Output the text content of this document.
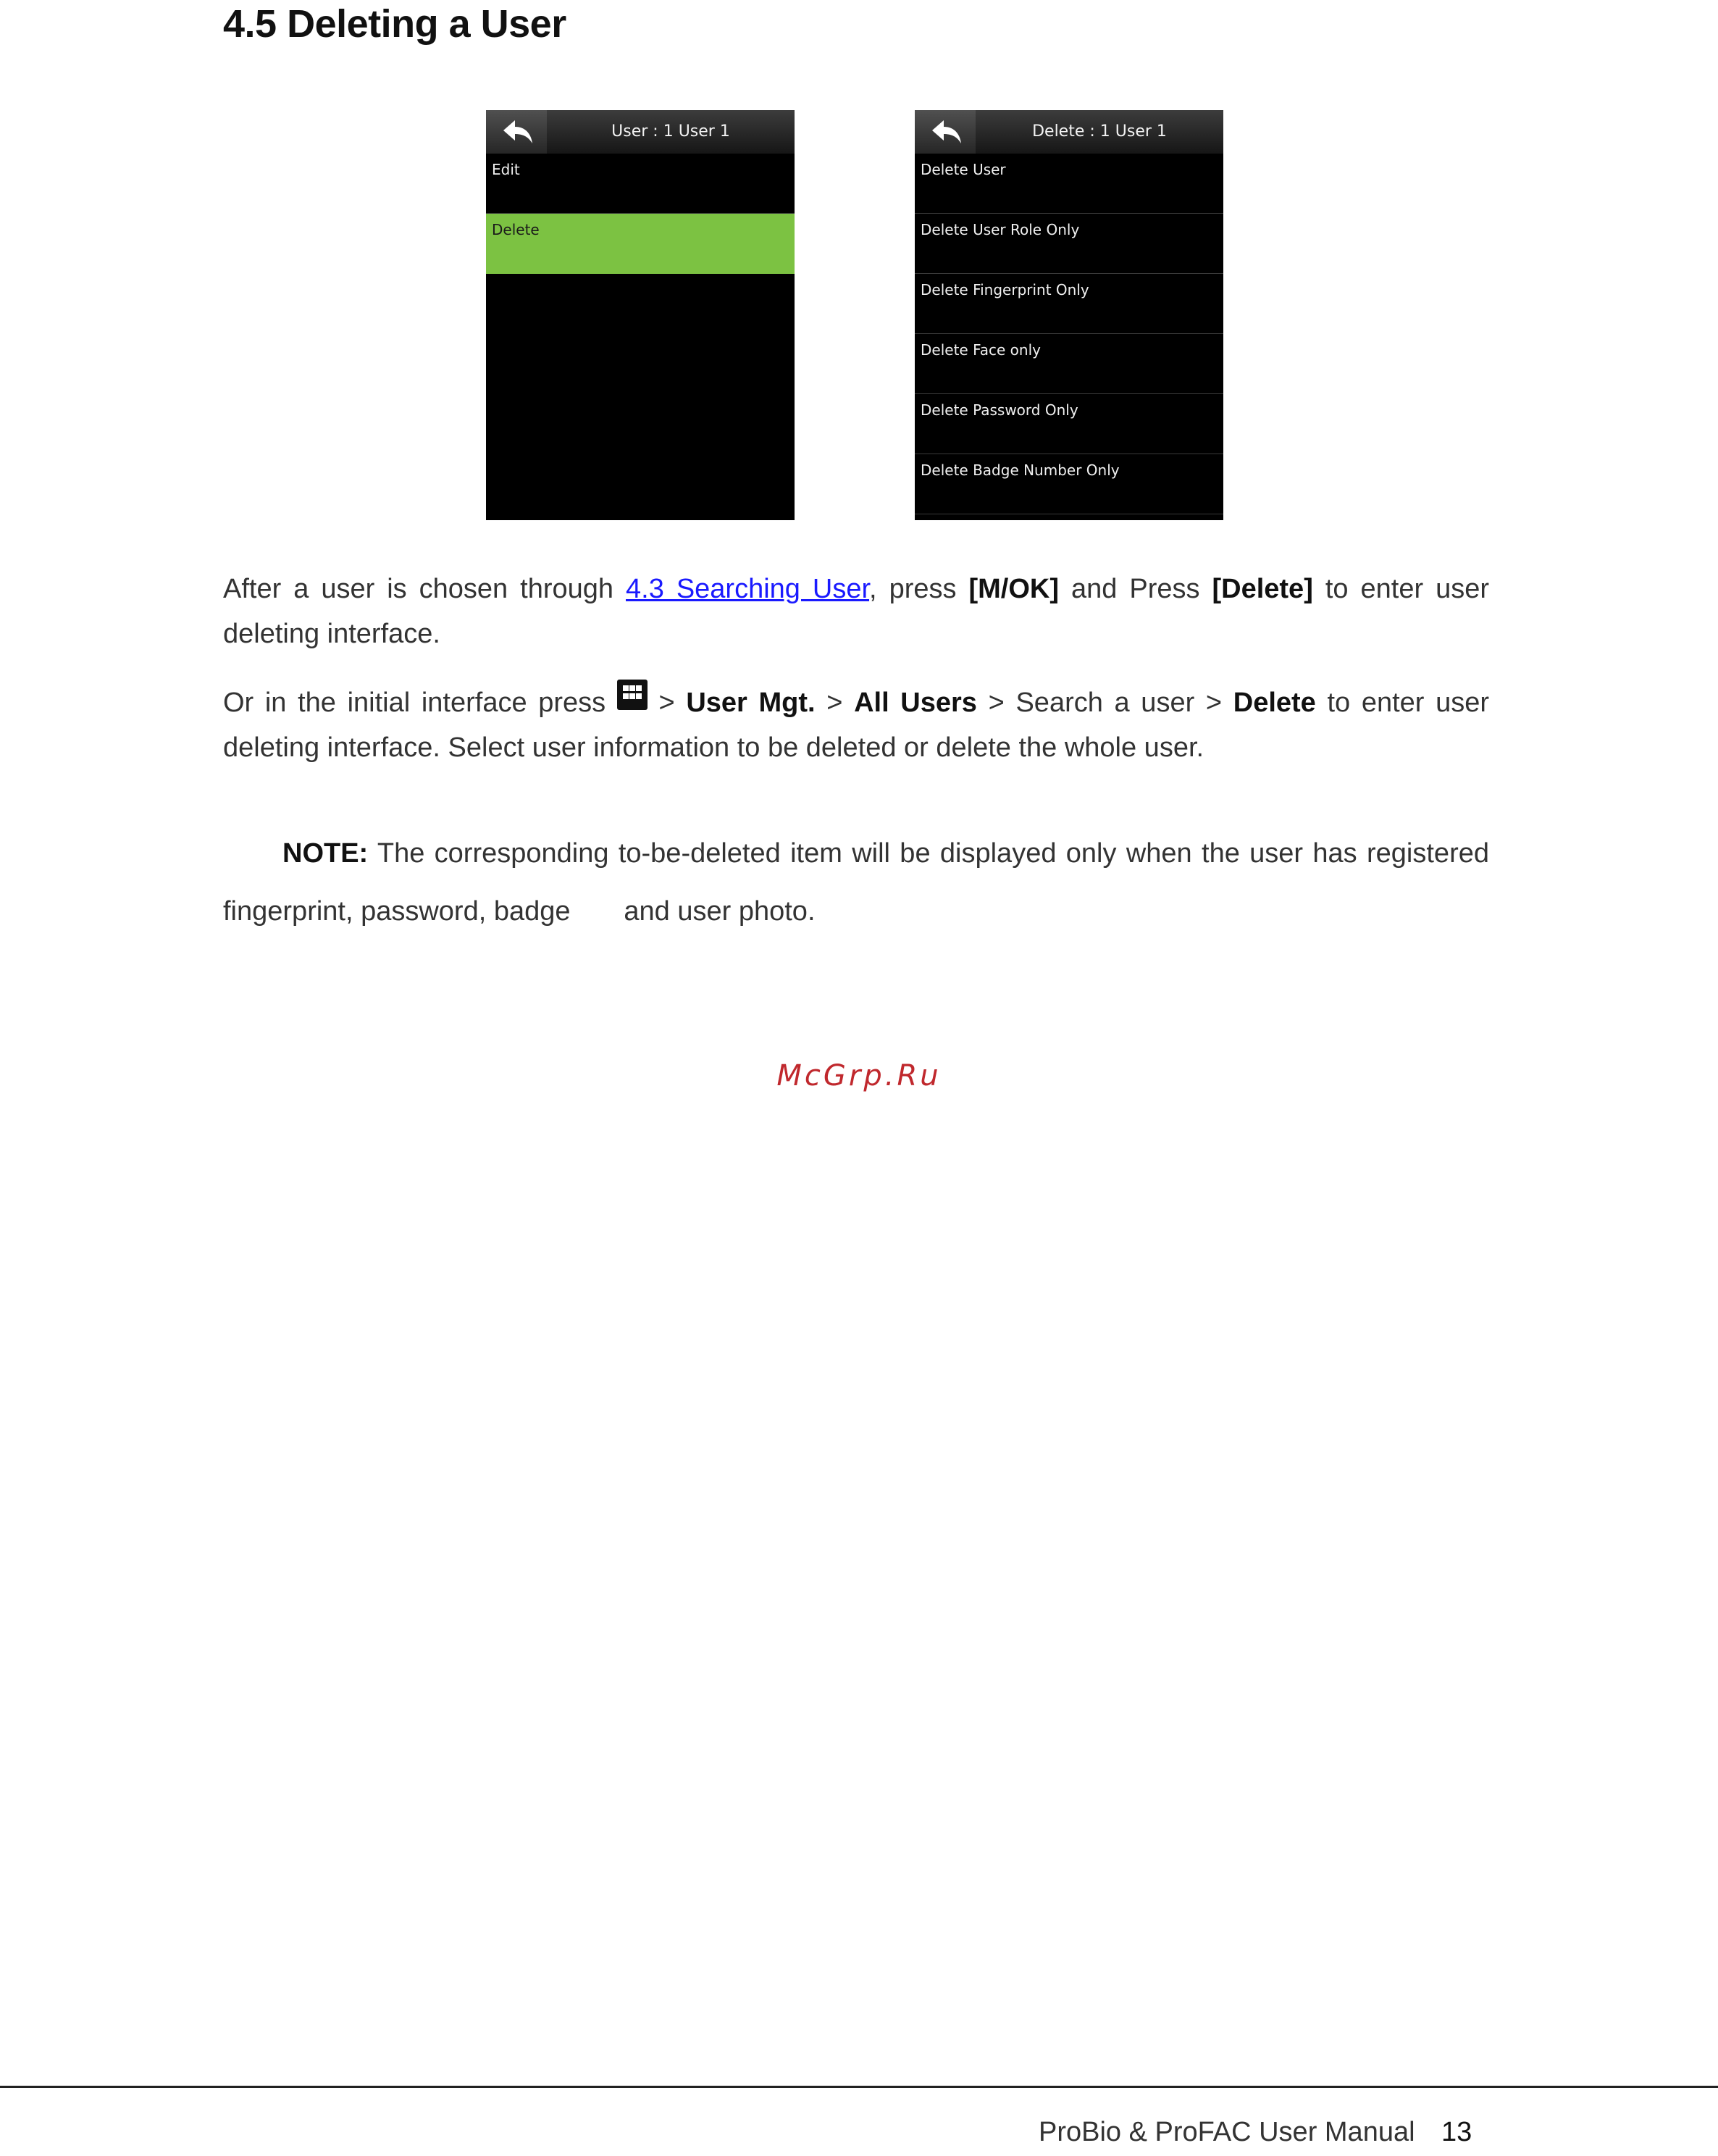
4.5 Deleting a User
User : 1 User 1
Edit
Delete
Delete : 1 User 1
Delete User
Delete User Role Only
Delete Fingerprint Only
Delete Face only
Delete Password Only
Delete Badge Number Only

After a user is chosen through 4.3 Searching User, press [M/OK] and Press [Delete] to enter user deleting interface.

Or in the initial interface press
> User Mgt. > All Users > Search a user > Delete to enter user deleting interface. Select user information to be deleted or delete the whole user.

NOTE: The corresponding to-be-deleted item will be displayed only when the user has registered fingerprint, password, badge       and user photo.

McGrp.Ru
ProBio & ProFAC User Manual 13
